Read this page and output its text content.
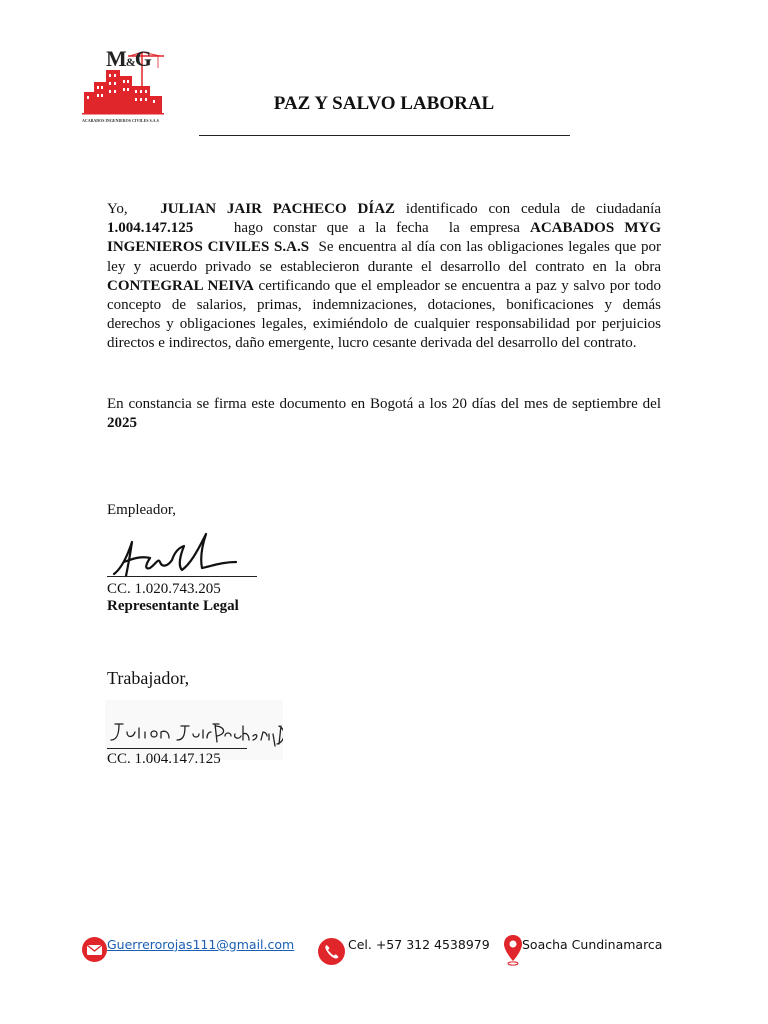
M&G
ACABADOS INGENIEROS CIVILES S.A.S
PAZ Y SALVO LABORAL
Yo,   JULIAN JAIR PACHECO DÍAZ identificado con cedula de ciudadanía 1.004.147.125    hago constar que a la fecha  la empresa ACABADOS MYG INGENIEROS CIVILES S.A.S  Se encuentra al día con las obligaciones legales que por ley y acuerdo privado se establecieron durante el desarrollo del contrato en la obra CONTEGRAL NEIVA certificando que el empleador se encuentra a paz y salvo por todo concepto de salarios, primas, indemnizaciones, dotaciones, bonificaciones y demás derechos y obligaciones legales, eximiéndolo de cualquier responsabilidad por perjuicios directos e indirectos, daño emergente, lucro cesante derivada del desarrollo del contrato.
En constancia se firma este documento en Bogotá a los 20 días del mes de septiembre del 2025
Empleador,
CC. 1.020.743.205
Representante Legal
Trabajador,
CC. 1.004.147.125
Guerrerorojas111@gmail.com	Cel. +57 312 4538979	Soacha Cundinamarca
